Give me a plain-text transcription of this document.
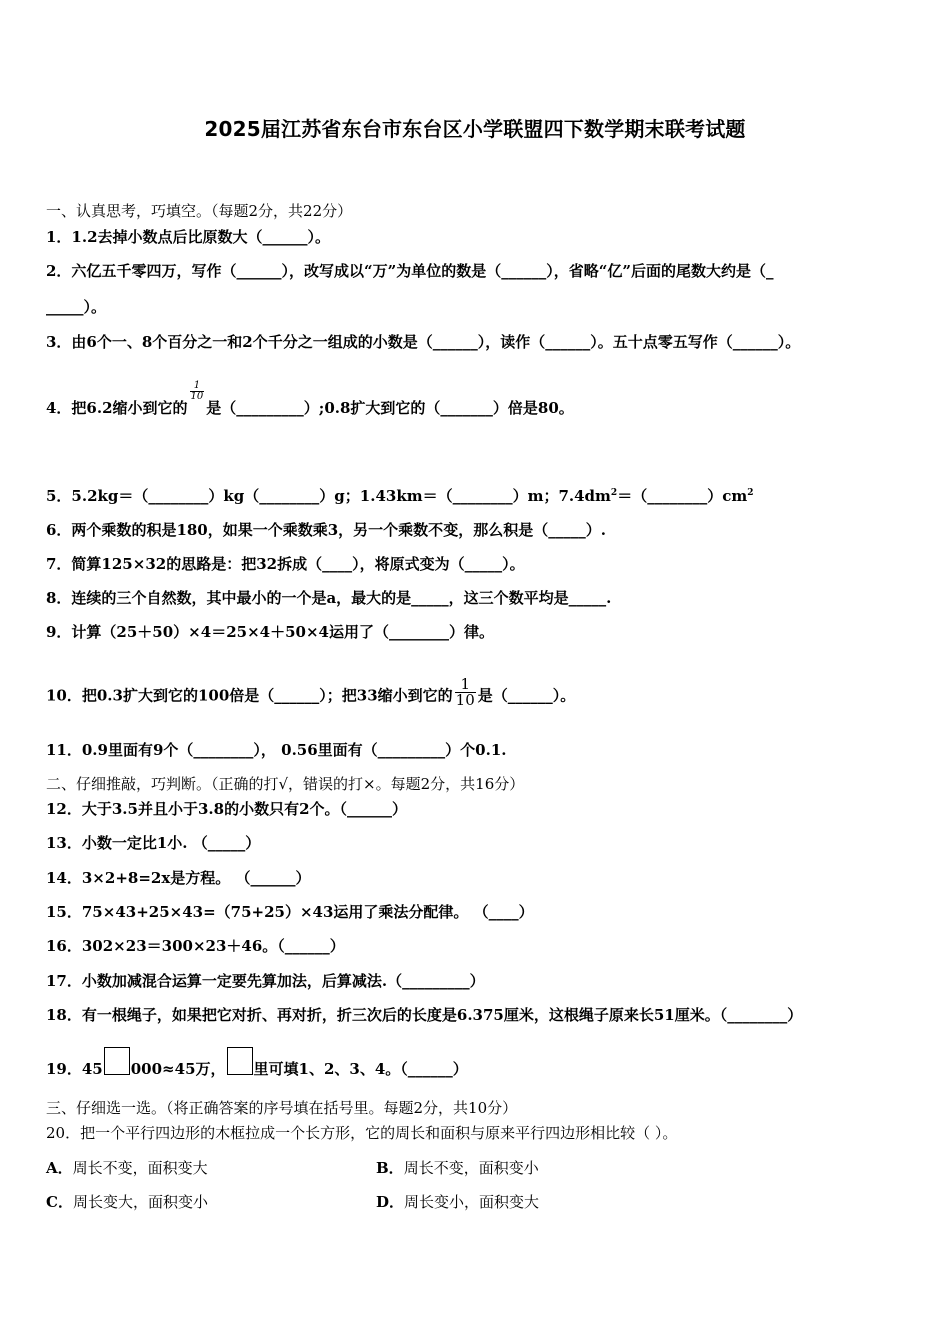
2025届江苏省东台市东台区小学联盟四下数学期末联考试题
一、认真思考，巧填空。（每题2分，共22分）
1．1.2去掉小数点后比原数大（______）。
2．六亿五千零四万，写作（______），改写成以“万”为单位的数是（______），省略“亿”后面的尾数大约是（_
_____）。
3．由6个一、8个百分之一和2个千分之一组成的小数是（______），读作（______）。五十点零五写作（______）。
4．把6.2缩小到它的
$\frac{1}{10}$
是（_________）;0.8扩大到它的（_______）倍是80。
5．5.2kg＝（________）kg（________）g；1.43km＝（________）m；$7.4dm^2=(\_\_\_\_\_\_\_\_)cm^2$
6．两个乘数的积是180，如果一个乘数乘3，另一个乘数不变，那么积是（_____）.
7．简算125×32的思路是：把32拆成（____），将原式变为（_____）。
8．连续的三个自然数，其中最小的一个是a，最大的是_____，这三个数平均是_____.
9．计算（25＋50）×4＝25×4＋50×4运用了（________）律。
10．把0.3扩大到它的100倍是（______）；把33缩小到它的 $\frac{1}{10}$ 是（______）。
11．0.9里面有9个（________）， 0.56里面有（_________）个0.1.
二、仔细推敲，巧判断。（正确的打√，错误的打×。每题2分，共16分）
12．大于3.5并且小于3.8的小数只有2个。（______）
13．小数一定比1小. （_____）
14．3×2+8=2x是方程。 （______）
15．75×43+25×43=（75+25）×43运用了乘法分配律。 （____）
16．302×23＝300×23＋46。（______）
17．小数加减混合运算一定要先算加法，后算减法.（_________）
18．有一根绳子，如果把它对折、再对折，折三次后的长度是6.375厘米，这根绳子原来长51厘米。（________）
19．45 000≈45万， 里可填1、2、3、4。（______）
三、仔细选一选。（将正确答案的序号填在括号里。每题2分，共10分）
20．把一个平行四边形的木框拉成一个长方形，它的周长和面积与原来平行四边形相比较（ ）。
A．周长不变，面积变大	B．周长不变，面积变小
C．周长变大，面积变小	D．周长变小，面积变大
